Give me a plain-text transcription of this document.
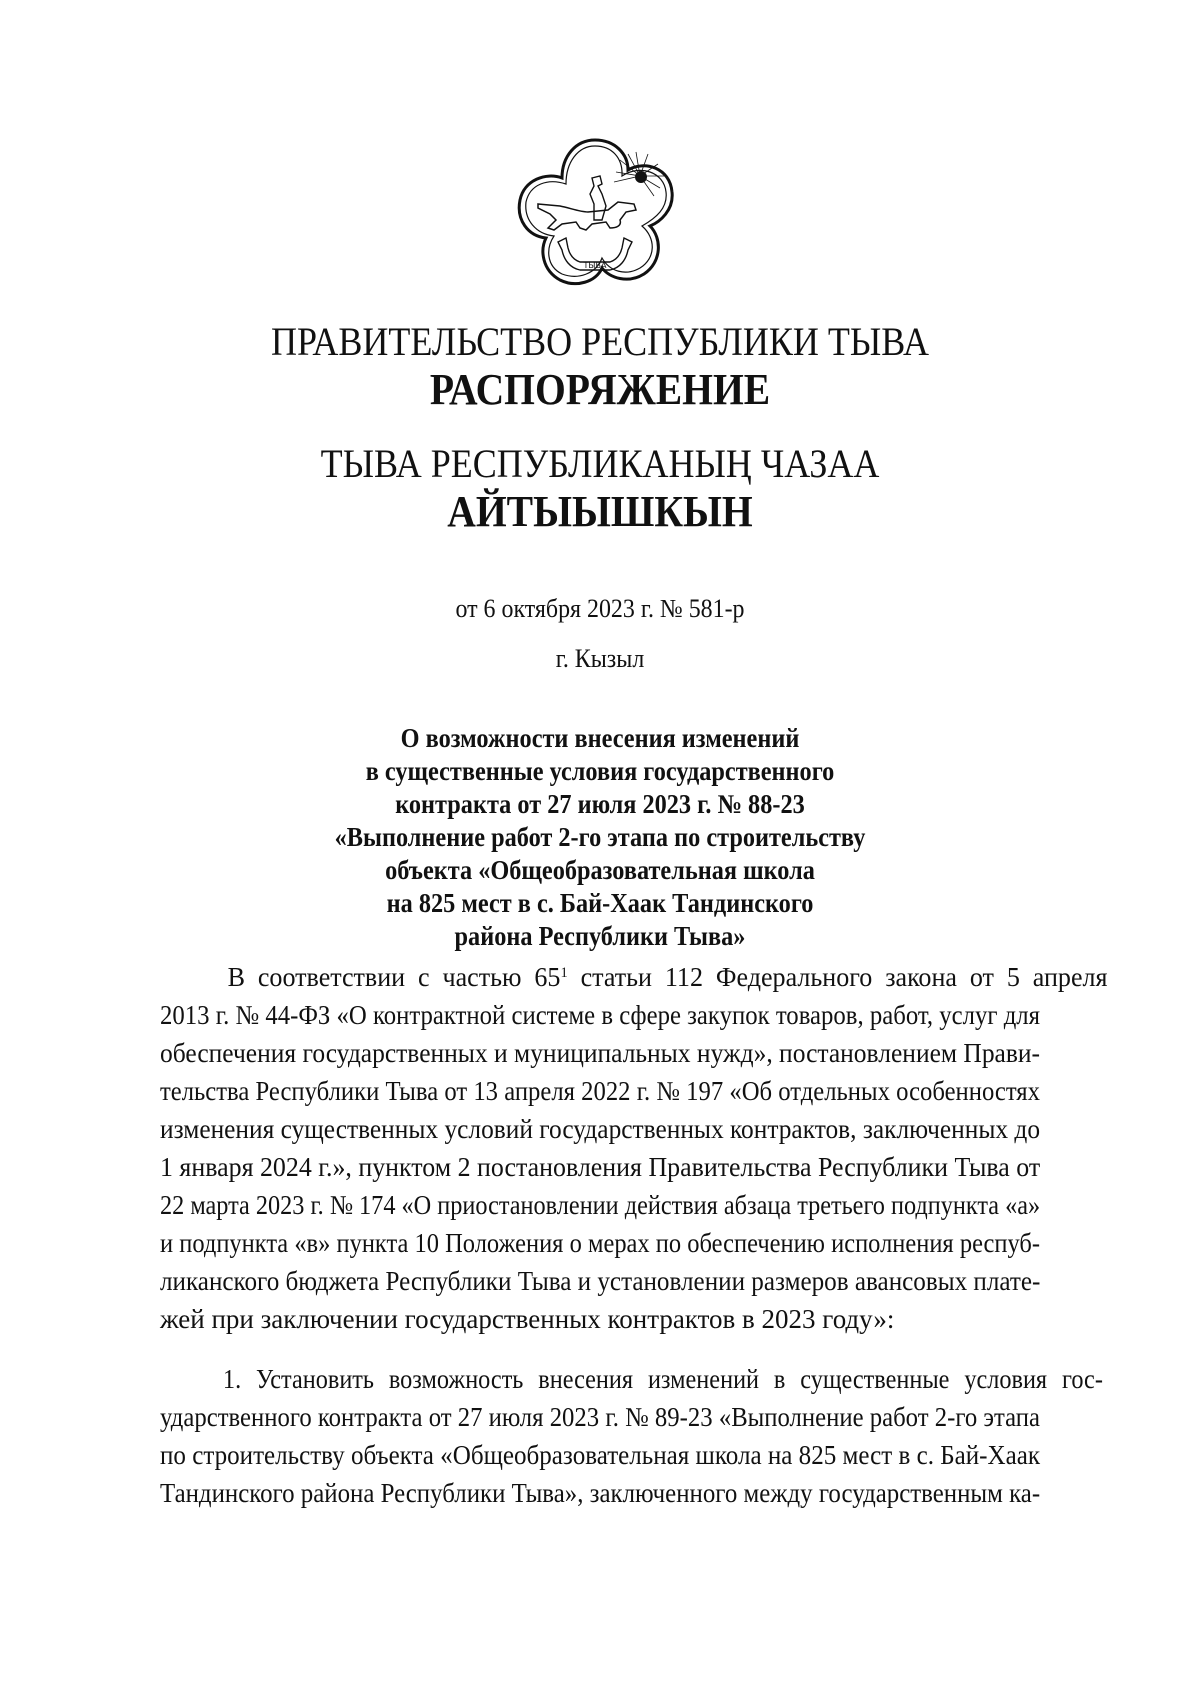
ТЫВА
ПРАВИТЕЛЬСТВО РЕСПУБЛИКИ ТЫВА
РАСПОРЯЖЕНИЕ
ТЫВА РЕСПУБЛИКАНЫҢ ЧАЗАА
АЙТЫЫШКЫН
от 6 октября 2023 г. № 581-р
г. Кызыл
О возможности внесения изменений
в существенные условия государственного
контракта от 27 июля 2023 г. № 88-23
«Выполнение работ 2-го этапа по строительству
объекта «Общеобразовательная школа
на 825 мест в с. Бай-Хаак Тандинского
района Республики Тыва»
В соответствии с частью $65^1$ статьи 112 Федерального закона от 5 апреля
2013 г. № 44-ФЗ «О контрактной системе в сфере закупок товаров, работ, услуг для
обеспечения государственных и муниципальных нужд», постановлением Прави-
тельства Республики Тыва от 13 апреля 2022 г. № 197 «Об отдельных особенностях
изменения существенных условий государственных контрактов, заключенных до
1 января 2024 г.», пунктом 2 постановления Правительства Республики Тыва от
22 марта 2023 г. № 174 «О приостановлении действия абзаца третьего подпункта «а»
и подпункта «в» пункта 10 Положения о мерах по обеспечению исполнения респуб-
ликанского бюджета Республики Тыва и установлении размеров авансовых плате-
жей при заключении государственных контрактов в 2023 году»:
1. Установить возможность внесения изменений в существенные условия гос-
ударственного контракта от 27 июля 2023 г. № 89-23 «Выполнение работ 2-го этапа
по строительству объекта «Общеобразовательная школа на 825 мест в с. Бай-Хаак
Тандинского района Республики Тыва», заключенного между государственным ка-
